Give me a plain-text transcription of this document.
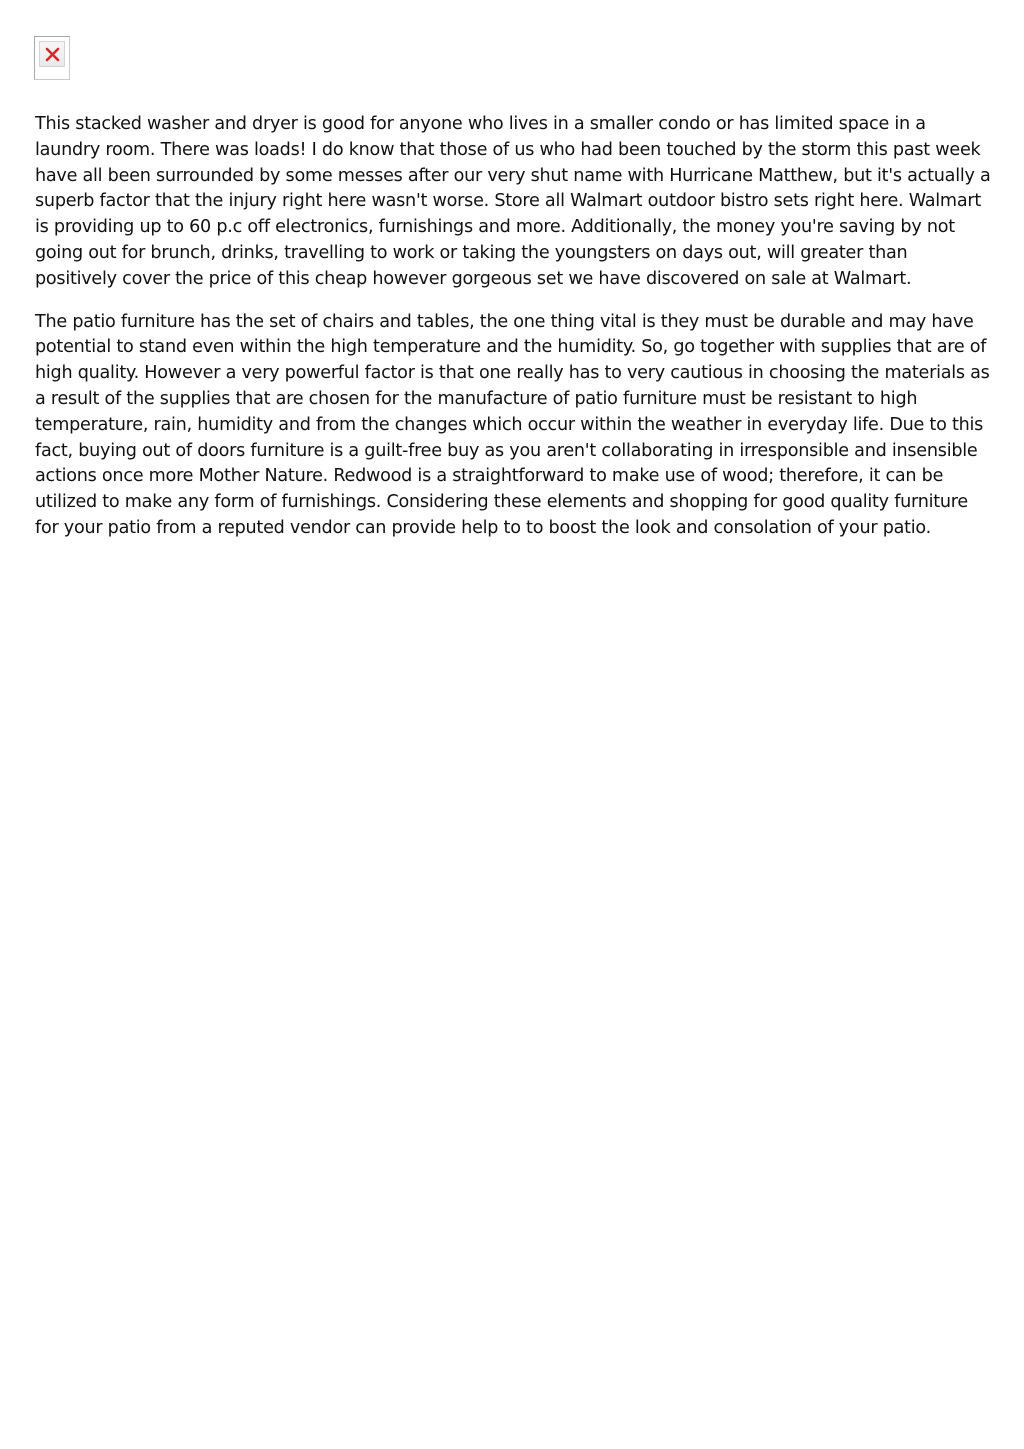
This stacked washer and dryer is good for anyone who lives in a smaller condo or has limited space in a laundry room. There was loads! I do know that those of us who had been touched by the storm this past week have all been surrounded by some messes after our very shut name with Hurricane Matthew, but it's actually a superb factor that the injury right here wasn't worse. Store all Walmart outdoor bistro sets right here. Walmart is providing up to 60 p.c off electronics, furnishings and more. Additionally, the money you're saving by not going out for brunch, drinks, travelling to work or taking the youngsters on days out, will greater than positively cover the price of this cheap however gorgeous set we have discovered on sale at Walmart.

The patio furniture has the set of chairs and tables, the one thing vital is they must be durable and may have potential to stand even within the high temperature and the humidity. So, go together with supplies that are of high quality. However a very powerful factor is that one really has to very cautious in choosing the materials as a result of the supplies that are chosen for the manufacture of patio furniture must be resistant to high temperature, rain, humidity and from the changes which occur within the weather in everyday life. Due to this fact, buying out of doors furniture is a guilt-free buy as you aren't collaborating in irresponsible and insensible actions once more Mother Nature. Redwood is a straightforward to make use of wood; therefore, it can be utilized to make any form of furnishings. Considering these elements and shopping for good quality furniture for your patio from a reputed vendor can provide help to to boost the look and consolation of your patio.
